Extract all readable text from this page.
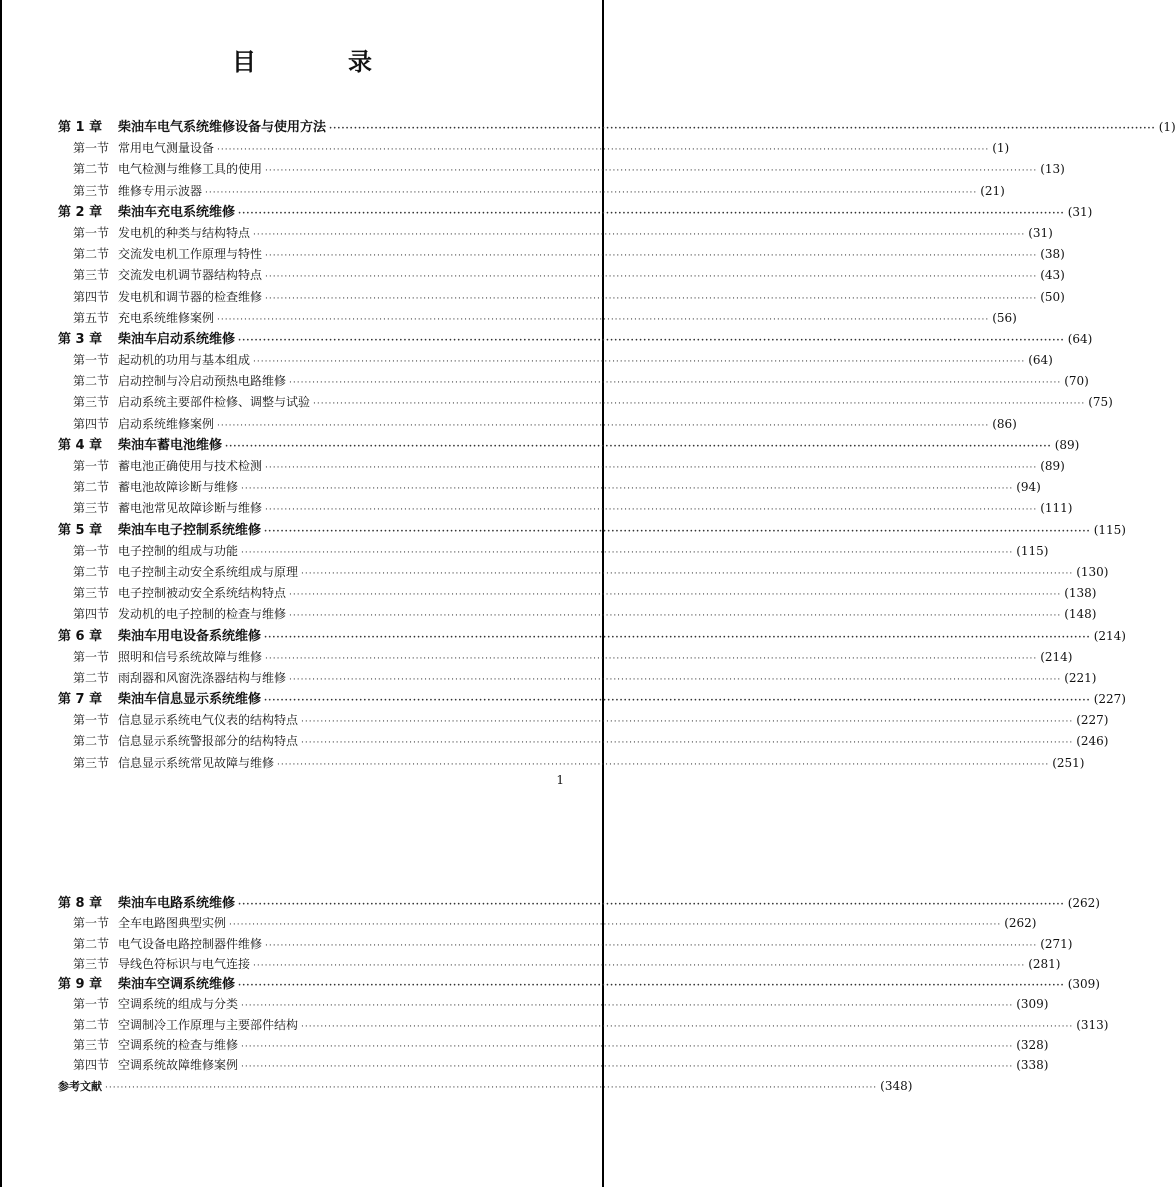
目　录
第 1 章	柴油车电气系统维修设备与使用方法 ········································································································································································································ (1)
第一节 常用电气测量设备 ········································································································································································································ (1)
第二节 电气检测与维修工具的使用 ········································································································································································································ (13)
第三节 维修专用示波器 ········································································································································································································ (21)
第 2 章	柴油车充电系统维修 ········································································································································································································ (31)
第一节 发电机的种类与结构特点 ········································································································································································································ (31)
第二节 交流发电机工作原理与特性 ········································································································································································································ (38)
第三节 交流发电机调节器结构特点 ········································································································································································································ (43)
第四节 发电机和调节器的检查维修 ········································································································································································································ (50)
第五节 充电系统维修案例 ········································································································································································································ (56)
第 3 章	柴油车启动系统维修 ········································································································································································································ (64)
第一节 起动机的功用与基本组成 ········································································································································································································ (64)
第二节 启动控制与冷启动预热电路维修 ········································································································································································································ (70)
第三节 启动系统主要部件检修、调整与试验 ········································································································································································································ (75)
第四节 启动系统维修案例 ········································································································································································································ (86)
第 4 章	柴油车蓄电池维修 ········································································································································································································ (89)
第一节 蓄电池正确使用与技术检测 ········································································································································································································ (89)
第二节 蓄电池故障诊断与维修 ········································································································································································································ (94)
第三节 蓄电池常见故障诊断与维修 ········································································································································································································ (111)
第 5 章	柴油车电子控制系统维修 ········································································································································································································ (115)
第一节 电子控制的组成与功能 ········································································································································································································ (115)
第二节 电子控制主动安全系统组成与原理 ········································································································································································································ (130)
第三节 电子控制被动安全系统结构特点 ········································································································································································································ (138)
第四节 发动机的电子控制的检查与维修 ········································································································································································································ (148)
第 6 章	柴油车用电设备系统维修 ········································································································································································································ (214)
第一节 照明和信号系统故障与维修 ········································································································································································································ (214)
第二节 雨刮器和风窗洗涤器结构与维修 ········································································································································································································ (221)
第 7 章	柴油车信息显示系统维修 ········································································································································································································ (227)
第一节 信息显示系统电气仪表的结构特点 ········································································································································································································ (227)
第二节 信息显示系统警报部分的结构特点 ········································································································································································································ (246)
第三节 信息显示系统常见故障与维修 ········································································································································································································ (251)
1
第 8 章	柴油车电路系统维修 ········································································································································································································ (262)
第一节 全车电路图典型实例 ········································································································································································································ (262)
第二节 电气设备电路控制器件维修 ········································································································································································································ (271)
第三节 导线色符标识与电气连接 ········································································································································································································ (281)
第 9 章	柴油车空调系统维修 ········································································································································································································ (309)
第一节 空调系统的组成与分类 ········································································································································································································ (309)
第二节 空调制冷工作原理与主要部件结构 ········································································································································································································ (313)
第三节 空调系统的检查与维修 ········································································································································································································ (328)
第四节 空调系统故障维修案例 ········································································································································································································ (338)
参考文献 ········································································································································································································ (348)
